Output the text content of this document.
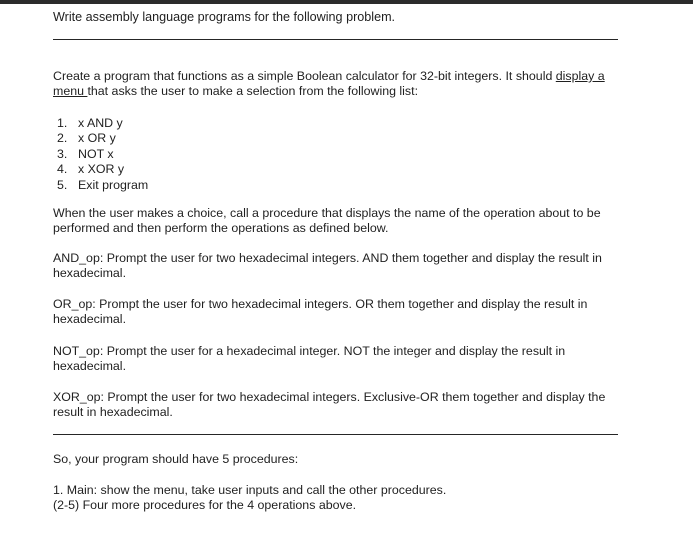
Write assembly language programs for the following problem.

Create a program that functions as a simple Boolean calculator for 32-bit integers. It should display a menu that asks the user to make a selection from the following list:

1. x AND y
2. x OR y
3. NOT x
4. x XOR y
5. Exit program

When the user makes a choice, call a procedure that displays the name of the operation about to be performed and then perform the operations as defined below.

AND_op: Prompt the user for two hexadecimal integers. AND them together and display the result in hexadecimal.

OR_op: Prompt the user for two hexadecimal integers. OR them together and display the result in hexadecimal.

NOT_op: Prompt the user for a hexadecimal integer. NOT the integer and display the result in hexadecimal.

XOR_op: Prompt the user for two hexadecimal integers. Exclusive-OR them together and display the result in hexadecimal.

So, your program should have 5 procedures:

1. Main: show the menu, take user inputs and call the other procedures.
(2-5) Four more procedures for the 4 operations above.
